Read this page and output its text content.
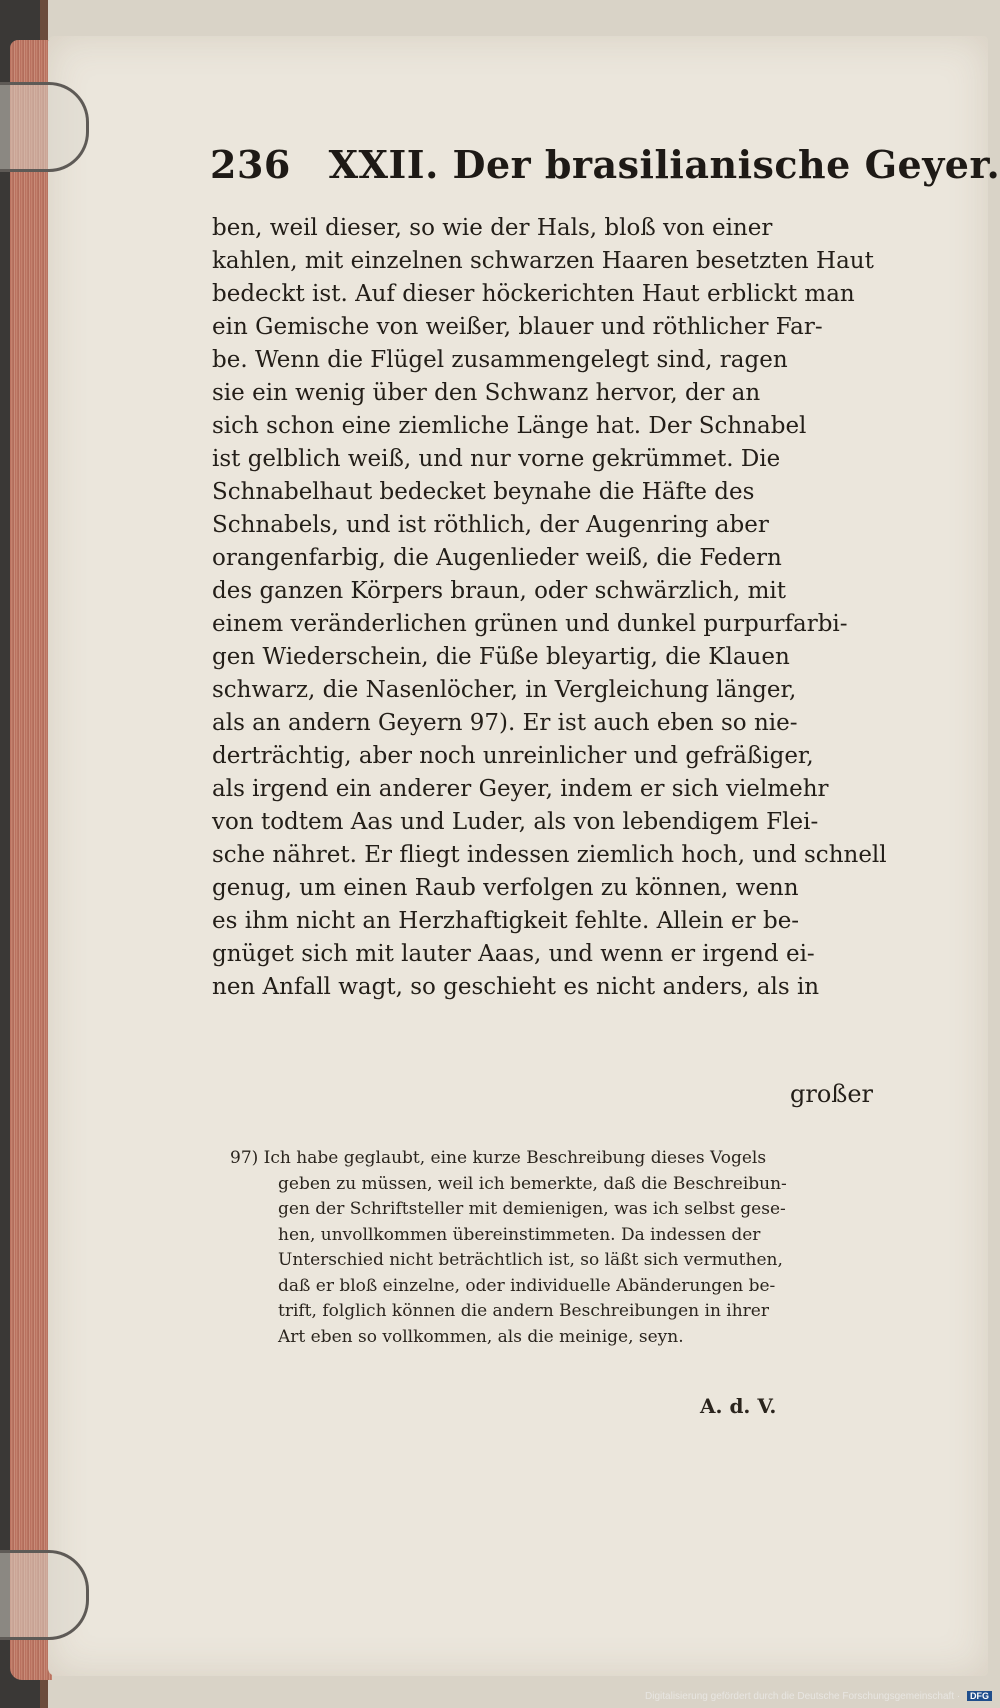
236 XXII. Der brasilianische Geyer.
ben, weil dieser, so wie der Hals, bloß von einer
kahlen, mit einzelnen schwarzen Haaren besetzten Haut
bedeckt ist. Auf dieser höckerichten Haut erblickt man
ein Gemische von weißer, blauer und röthlicher Far-
be. Wenn die Flügel zusammengelegt sind, ragen
sie ein wenig über den Schwanz hervor, der an
sich schon eine ziemliche Länge hat. Der Schnabel
ist gelblich weiß, und nur vorne gekrümmet. Die
Schnabelhaut bedecket beynahe die Häfte des
Schnabels, und ist röthlich, der Augenring aber
orangenfarbig, die Augenlieder weiß, die Federn
des ganzen Körpers braun, oder schwärzlich, mit
einem veränderlichen grünen und dunkel purpurfarbi-
gen Wiederschein, die Füße bleyartig, die Klauen
schwarz, die Nasenlöcher, in Vergleichung länger,
als an andern Geyern 97). Er ist auch eben so nie-
derträchtig, aber noch unreinlicher und gefräßiger,
als irgend ein anderer Geyer, indem er sich vielmehr
von todtem Aas und Luder, als von lebendigem Flei-
sche nähret. Er fliegt indessen ziemlich hoch, und schnell
genug, um einen Raub verfolgen zu können, wenn
es ihm nicht an Herzhaftigkeit fehlte. Allein er be-
gnüget sich mit lauter Aaas, und wenn er irgend ei-
nen Anfall wagt, so geschieht es nicht anders, als in
großer
97) Ich habe geglaubt, eine kurze Beschreibung dieses Vogels
geben zu müssen, weil ich bemerkte, daß die Beschreibun-
gen der Schriftsteller mit demienigen, was ich selbst gese-
hen, unvollkommen übereinstimmeten. Da indessen der
Unterschied nicht beträchtlich ist, so läßt sich vermuthen,
daß er bloß einzelne, oder individuelle Abänderungen be-
trift, folglich können die andern Beschreibungen in ihrer
Art eben so vollkommen, als die meinige, seyn.
A. d. V.
Digitalisierung gefördert durch die Deutsche Forschungsgemeinschaft · DFG
